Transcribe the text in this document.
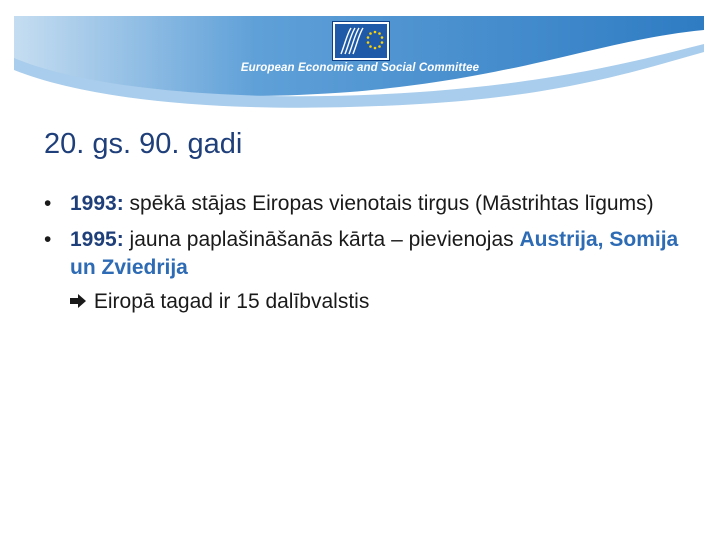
European Economic and Social Committee
20. gs. 90. gadi
• 1993: spēkā stājas Eiropas vienotais tirgus (Māstrihtas līgums)
• 1995: jauna paplašināšanās kārta – pievienojas Austrija, Somija un Zviedrija
Eiropā tagad ir 15 dalībvalstis
